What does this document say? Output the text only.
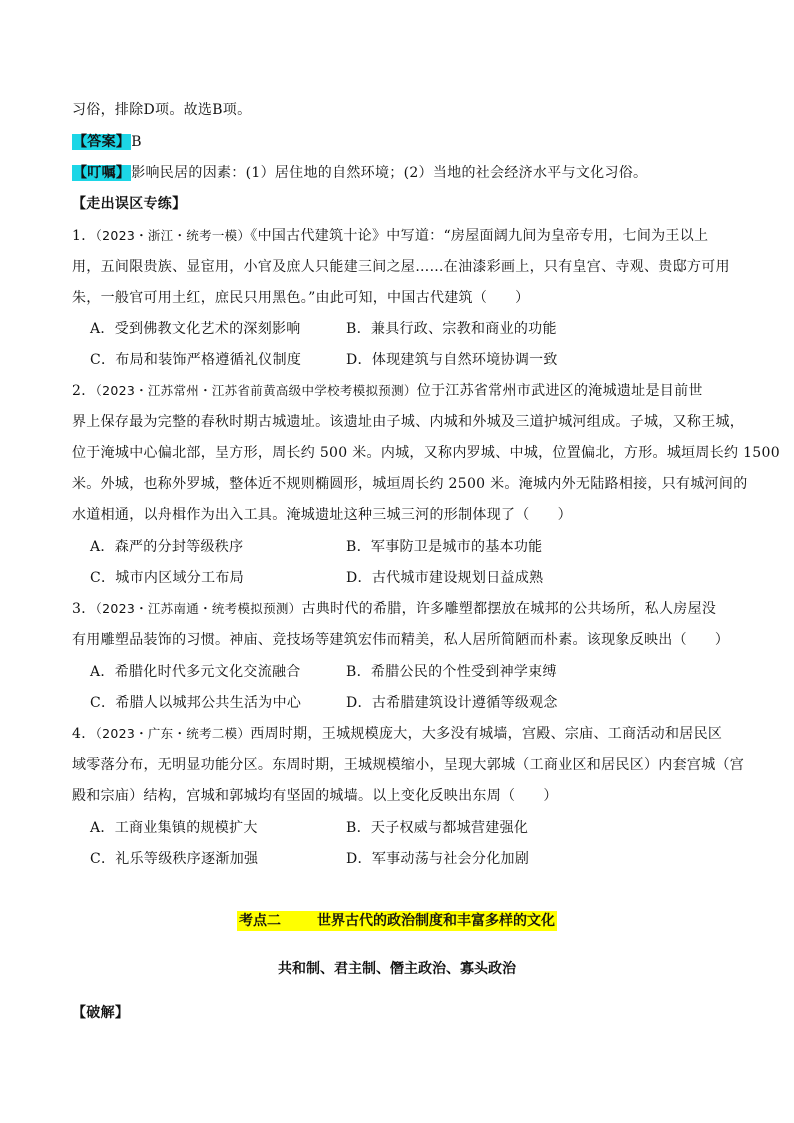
习俗，排除D项。故选B项。
【答案】B
【叮嘱】影响民居的因素：(1）居住地的自然环境；(2）当地的社会经济水平与文化习俗。
【走出误区专练】
1．（2023・浙江・统考一模）《中国古代建筑十论》中写道：“房屋面阔九间为皇帝专用，七间为王以上
用，五间限贵族、显宦用，小官及庶人只能建三间之屋……在油漆彩画上，只有皇宫、寺观、贵邸方可用
朱，一般官可用土红，庶民只用黑色。”由此可知，中国古代建筑（ ）
A．受到佛教文化艺术的深刻影响	B．兼具行政、宗教和商业的功能
C．布局和装饰严格遵循礼仪制度	D．体现建筑与自然环境协调一致
2．（2023・江苏常州・江苏省前黄高级中学校考模拟预测）位于江苏省常州市武进区的淹城遗址是目前世
界上保存最为完整的春秋时期古城遗址。该遗址由子城、内城和外城及三道护城河组成。子城，又称王城，
位于淹城中心偏北部，呈方形，周长约 500 米。内城，又称内罗城、中城，位置偏北，方形。城垣周长约 1500
米。外城，也称外罗城，整体近不规则椭圆形，城垣周长约 2500 米。淹城内外无陆路相接，只有城河间的
水道相通，以舟楫作为出入工具。淹城遗址这种三城三河的形制体现了（ ）
A．森严的分封等级秩序	B．军事防卫是城市的基本功能
C．城市内区域分工布局	D．古代城市建设规划日益成熟
3．（2023・江苏南通・统考模拟预测）古典时代的希腊，许多雕塑都摆放在城邦的公共场所，私人房屋没
有用雕塑品装饰的习惯。神庙、竞技场等建筑宏伟而精美，私人居所简陋而朴素。该现象反映出（ ）
A．希腊化时代多元文化交流融合	B．希腊公民的个性受到神学束缚
C．希腊人以城邦公共生活为中心	D．古希腊建筑设计遵循等级观念
4．（2023・广东・统考二模）西周时期，王城规模庞大，大多没有城墙，宫殿、宗庙、工商活动和居民区
域零落分布，无明显功能分区。东周时期，王城规模缩小，呈现大郭城（工商业区和居民区）内套宫城（宫
殿和宗庙）结构，宫城和郭城均有坚固的城墙。以上变化反映出东周（ ）
A．工商业集镇的规模扩大	B．天子权威与都城营建强化
C．礼乐等级秩序逐渐加强	D．军事动荡与社会分化加剧
考点二	世界古代的政治制度和丰富多样的文化
共和制、君主制、僭主政治、寡头政治
【破解】
